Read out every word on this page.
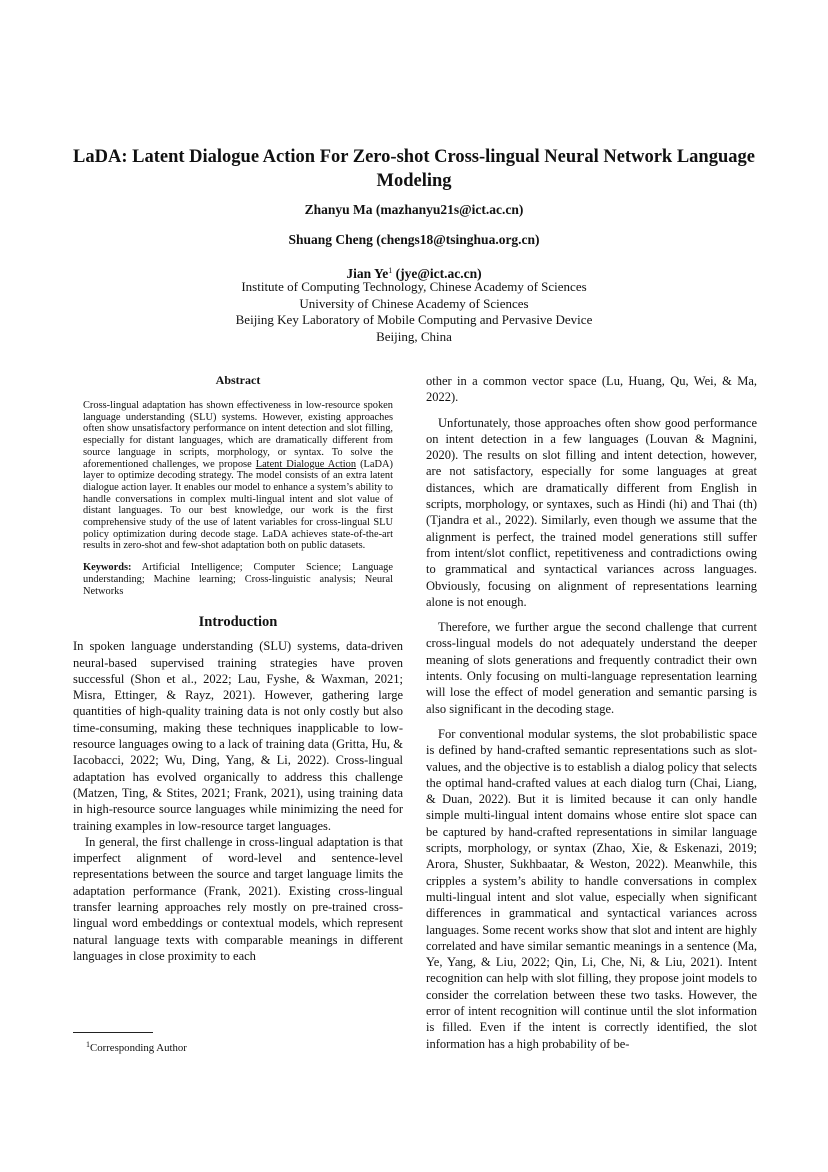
LaDA: Latent Dialogue Action For Zero-shot Cross-lingual Neural Network Language Modeling
Zhanyu Ma (mazhanyu21s@ict.ac.cn)
Shuang Cheng (chengs18@tsinghua.org.cn)
Jian Ye$^1$ (jye@ict.ac.cn)
Institute of Computing Technology, Chinese Academy of Sciences
University of Chinese Academy of Sciences
Beijing Key Laboratory of Mobile Computing and Pervasive Device
Beijing, China
Abstract
Cross-lingual adaptation has shown effectiveness in low-resource spoken language understanding (SLU) systems. However, existing approaches often show unsatisfactory performance on intent detection and slot filling, especially for distant languages, which are dramatically different from source language in scripts, morphology, or syntax. To solve the aforementioned challenges, we propose Latent Dialogue Action (LaDA) layer to optimize decoding strategy. The model consists of an extra latent dialogue action layer. It enables our model to enhance a system’s ability to handle conversations in complex multi-lingual intent and slot value of distant languages. To our best knowledge, our work is the first comprehensive study of the use of latent variables for cross-lingual SLU policy optimization during decode stage. LaDA achieves state-of-the-art results in zero-shot and few-shot adaptation both on public datasets.
Keywords: Artificial Intelligence; Computer Science; Language understanding; Machine learning; Cross-linguistic analysis; Neural Networks
Introduction

In spoken language understanding (SLU) systems, data-driven neural-based supervised training strategies have proven successful (Shon et al., 2022; Lau, Fyshe, & Waxman, 2021; Misra, Ettinger, & Rayz, 2021). However, gathering large quantities of high-quality training data is not only costly but also time-consuming, making these techniques inapplicable to low-resource languages owing to a lack of training data (Gritta, Hu, & Iacobacci, 2022; Wu, Ding, Yang, & Li, 2022). Cross-lingual adaptation has evolved organically to address this challenge (Matzen, Ting, & Stites, 2021; Frank, 2021), using training data in high-resource source languages while minimizing the need for training examples in low-resource target languages.

In general, the first challenge in cross-lingual adaptation is that imperfect alignment of word-level and sentence-level representations between the source and target language limits the adaptation performance (Frank, 2021). Existing cross-lingual transfer learning approaches rely mostly on pre-trained cross-lingual word embeddings or contextual models, which represent natural language texts with comparable meanings in different languages in close proximity to each

other in a common vector space (Lu, Huang, Qu, Wei, & Ma, 2022).

Unfortunately, those approaches often show good performance on intent detection in a few languages (Louvan & Magnini, 2020). The results on slot filling and intent detection, however, are not satisfactory, especially for some languages at great distances, which are dramatically different from English in scripts, morphology, or syntaxes, such as Hindi (hi) and Thai (th) (Tjandra et al., 2022). Similarly, even though we assume that the alignment is perfect, the trained model generations still suffer from intent/slot conflict, repetitiveness and contradictions owing to grammatical and syntactical variances across languages. Obviously, focusing on alignment of representations learning alone is not enough.

Therefore, we further argue the second challenge that current cross-lingual models do not adequately understand the deeper meaning of slots generations and frequently contradict their own intents. Only focusing on multi-language representation learning will lose the effect of model generation and semantic parsing is also significant in the decoding stage.

For conventional modular systems, the slot probabilistic space is defined by hand-crafted semantic representations such as slot-values, and the objective is to establish a dialog policy that selects the optimal hand-crafted values at each dialog turn (Chai, Liang, & Duan, 2022). But it is limited because it can only handle simple multi-lingual intent domains whose entire slot space can be captured by hand-crafted representations in similar language scripts, morphology, or syntax (Zhao, Xie, & Eskenazi, 2019; Arora, Shuster, Sukhbaatar, & Weston, 2022). Meanwhile, this cripples a system’s ability to handle conversations in complex multi-lingual intent and slot value, especially when significant differences in grammatical and syntactical variances across languages. Some recent works show that slot and intent are highly correlated and have similar semantic meanings in a sentence (Ma, Ye, Yang, & Liu, 2022; Qin, Li, Che, Ni, & Liu, 2021). Intent recognition can help with slot filling, they propose joint models to consider the correlation between these two tasks. However, the error of intent recognition will continue until the slot information is filled. Even if the intent is correctly identified, the slot information has a high probability of be-

$^1$Corresponding Author
